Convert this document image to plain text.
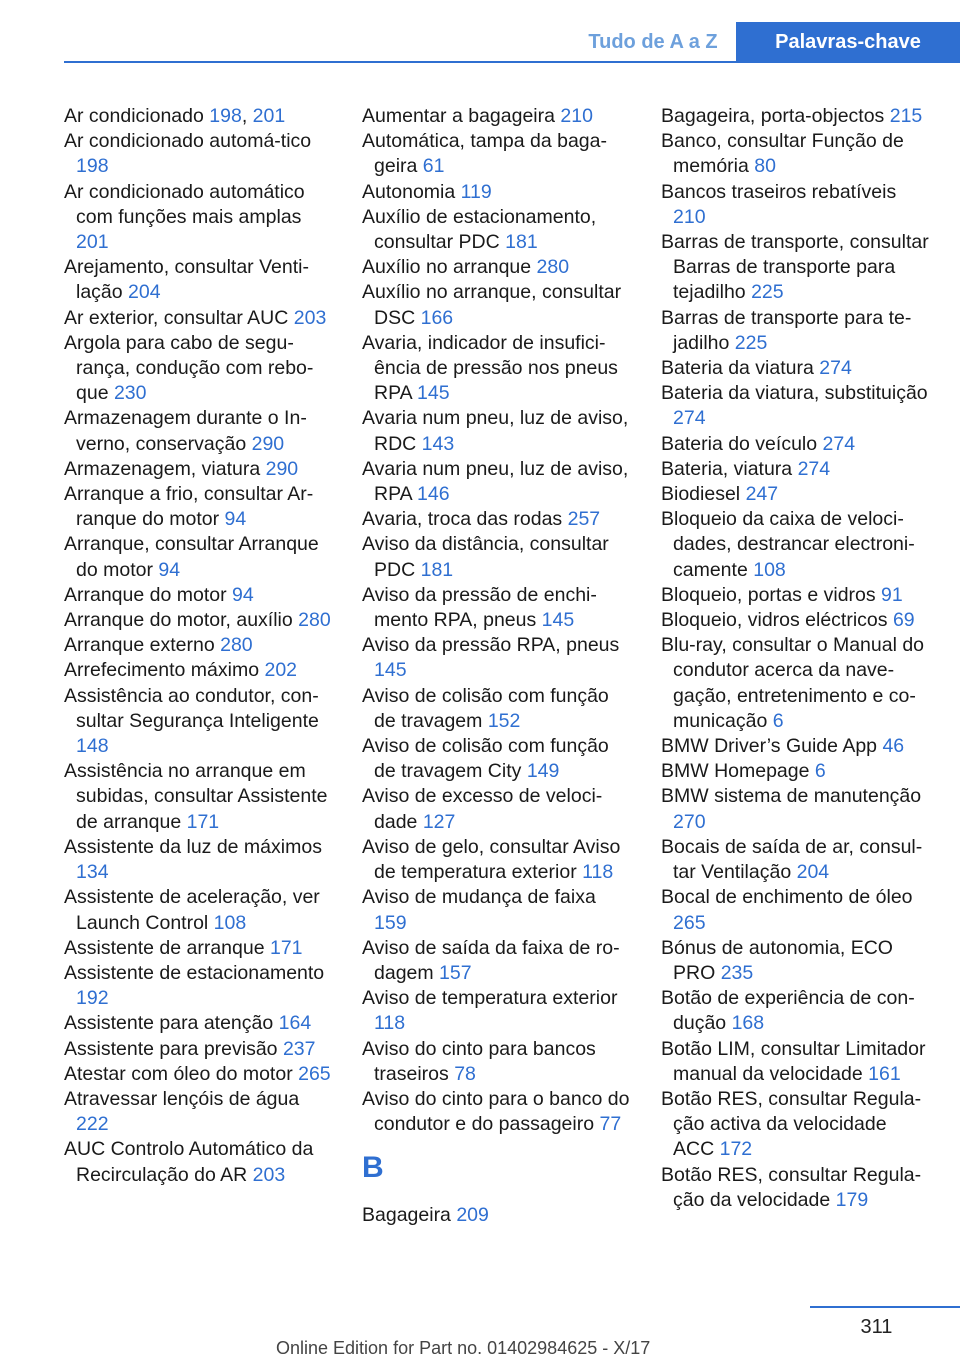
Tudo de A a Z	Palavras-chave
Ar condicionado 198, 201
Ar condicionado automá-tico 198
Ar condicionado automático com funções mais amplas 201
Arejamento, consultar Ventilação 204
Ar exterior, consultar AUC 203
Argola para cabo de segurança, condução com reboque 230
Armazenagem durante o Inverno, conservação 290
Armazenagem, viatura 290
Arranque a frio, consultar Arranque do motor 94
Arranque, consultar Arranque do motor 94
Arranque do motor 94
Arranque do motor, auxílio 280
Arranque externo 280
Arrefecimento máximo 202
Assistência ao condutor, consultar Segurança Inteligente 148
Assistência no arranque em subidas, consultar Assistente de arranque 171
Assistente da luz de máximos 134
Assistente de aceleração, ver Launch Control 108
Assistente de arranque 171
Assistente de estacionamento 192
Assistente para atenção 164
Assistente para previsão 237
Atestar com óleo do motor 265
Atravessar lençóis de água 222
AUC Controlo Automático da Recirculação do AR 203
Aumentar a bagageira 210
Automática, tampa da bagageira 61
Autonomia 119
Auxílio de estacionamento, consultar PDC 181
Auxílio no arranque 280
Auxílio no arranque, consultar DSC 166
Avaria, indicador de insuficiência de pressão nos pneus RPA 145
Avaria num pneu, luz de aviso, RDC 143
Avaria num pneu, luz de aviso, RPA 146
Avaria, troca das rodas 257
Aviso da distância, consultar PDC 181
Aviso da pressão de enchimento RPA, pneus 145
Aviso da pressão RPA, pneus 145
Aviso de colisão com função de travagem 152
Aviso de colisão com função de travagem City 149
Aviso de excesso de velocidade 127
Aviso de gelo, consultar Aviso de temperatura exterior 118
Aviso de mudança de faixa 159
Aviso de saída da faixa de rodagem 157
Aviso de temperatura exterior 118
Aviso do cinto para bancos traseiros 78
Aviso do cinto para o banco do condutor e do passageiro 77
B
Bagageira 209
Bagageira, porta-objectos 215
Banco, consultar Função de memória 80
Bancos traseiros rebatíveis 210
Barras de transporte, consultar Barras de transporte para tejadilho 225
Barras de transporte para tejadilho 225
Bateria da viatura 274
Bateria da viatura, substituição 274
Bateria do veículo 274
Bateria, viatura 274
Biodiesel 247
Bloqueio da caixa de velocidades, destrancar electronicamente 108
Bloqueio, portas e vidros 91
Bloqueio, vidros eléctricos 69
Blu-ray, consultar o Manual do condutor acerca da navegação, entretenimento e comunicação 6
BMW Driver’s Guide App 46
BMW Homepage 6
BMW sistema de manutenção 270
Bocais de saída de ar, consultar Ventilação 204
Bocal de enchimento de óleo 265
Bónus de autonomia, ECO PRO 235
Botão de experiência de condução 168
Botão LIM, consultar Limitador manual da velocidade 161
Botão RES, consultar Regulação activa da velocidade ACC 172
Botão RES, consultar Regulação da velocidade 179
311
Online Edition for Part no. 01402984625 - X/17
